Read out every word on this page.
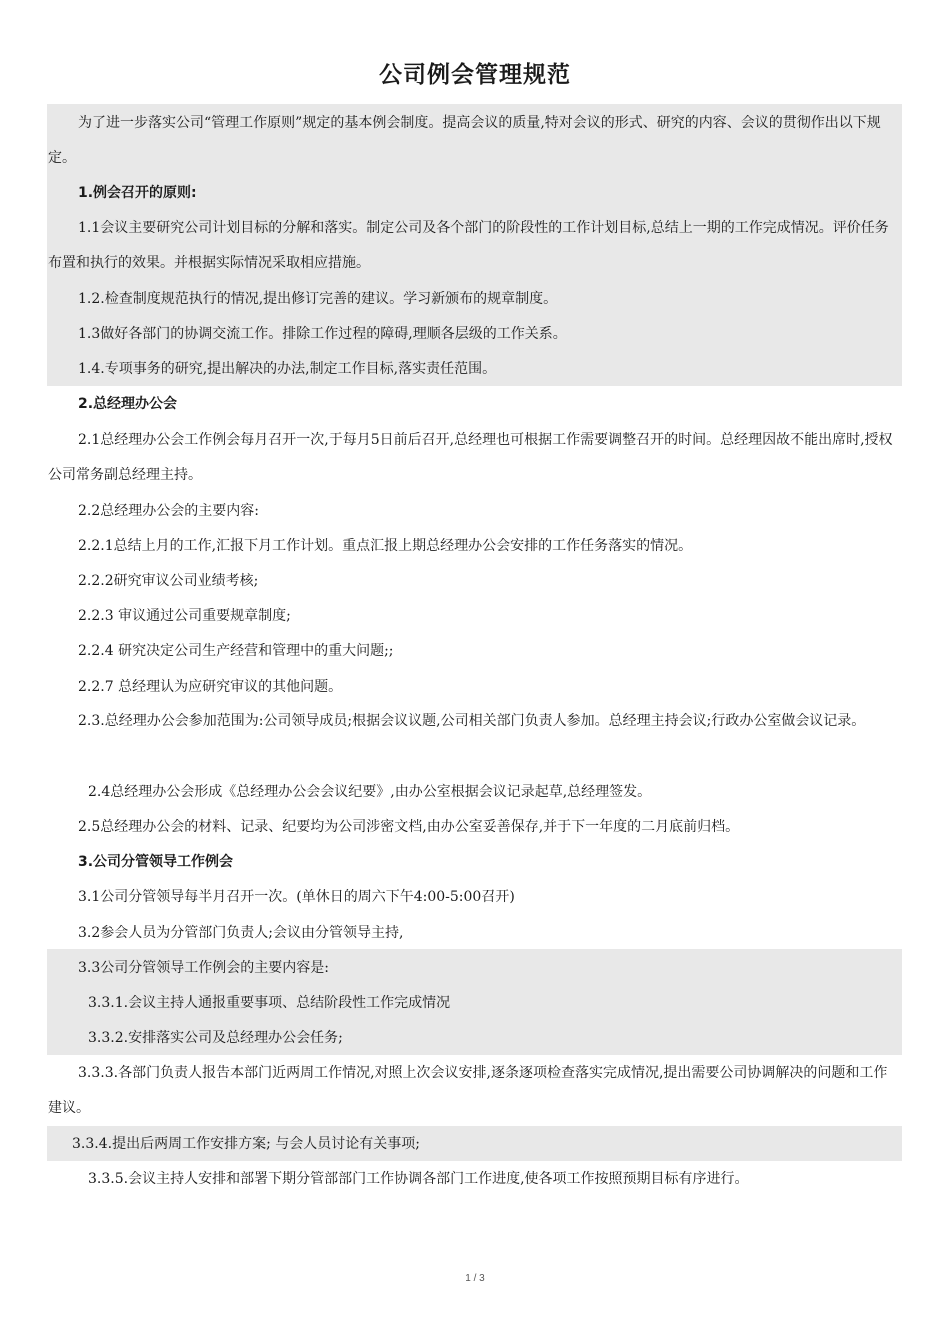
公司例会管理规范

为了进一步落实公司“管理工作原则”规定的基本例会制度。提高会议的质量,特对会议的形式、研究的内容、会议的贯彻作出以下规定。

1.例会召开的原则:

1.1会议主要研究公司计划目标的分解和落实。制定公司及各个部门的阶段性的工作计划目标,总结上一期的工作完成情况。评价任务布置和执行的效果。并根据实际情况采取相应措施。

1.2.检查制度规范执行的情况,提出修订完善的建议。学习新颁布的规章制度。

1.3做好各部门的协调交流工作。排除工作过程的障碍,理顺各层级的工作关系。

1.4.专项事务的研究,提出解决的办法,制定工作目标,落实责任范围。

2.总经理办公会

2.1总经理办公会工作例会每月召开一次,于每月5日前后召开,总经理也可根据工作需要调整召开的时间。总经理因故不能出席时,授权公司常务副总经理主持。

2.2总经理办公会的主要内容:

2.2.1总结上月的工作,汇报下月工作计划。重点汇报上期总经理办公会安排的工作任务落实的情况。

2.2.2研究审议公司业绩考核;

2.2.3 审议通过公司重要规章制度;

2.2.4 研究决定公司生产经营和管理中的重大问题;;

2.2.7 总经理认为应研究审议的其他问题。

2.3.总经理办公会参加范围为:公司领导成员;根据会议议题,公司相关部门负责人参加。总经理主持会议;行政办公室做会议记录。

2.4总经理办公会形成《总经理办公会会议纪要》,由办公室根据会议记录起草,总经理签发。

2.5总经理办公会的材料、记录、纪要均为公司涉密文档,由办公室妥善保存,并于下一年度的二月底前归档。

3.公司分管领导工作例会

3.1公司分管领导每半月召开一次。(单休日的周六下午4:00-5:00召开)

3.2参会人员为分管部门负责人;会议由分管领导主持,

3.3公司分管领导工作例会的主要内容是:

3.3.1.会议主持人通报重要事项、总结阶段性工作完成情况

3.3.2.安排落实公司及总经理办公会任务;

3.3.3.各部门负责人报告本部门近两周工作情况,对照上次会议安排,逐条逐项检查落实完成情况,提出需要公司协调解决的问题和工作建议。

3.3.4.提出后两周工作安排方案; 与会人员讨论有关事项;

3.3.5.会议主持人安排和部署下期分管部部门工作协调各部门工作进度,使各项工作按照预期目标有序进行。

1 / 3
